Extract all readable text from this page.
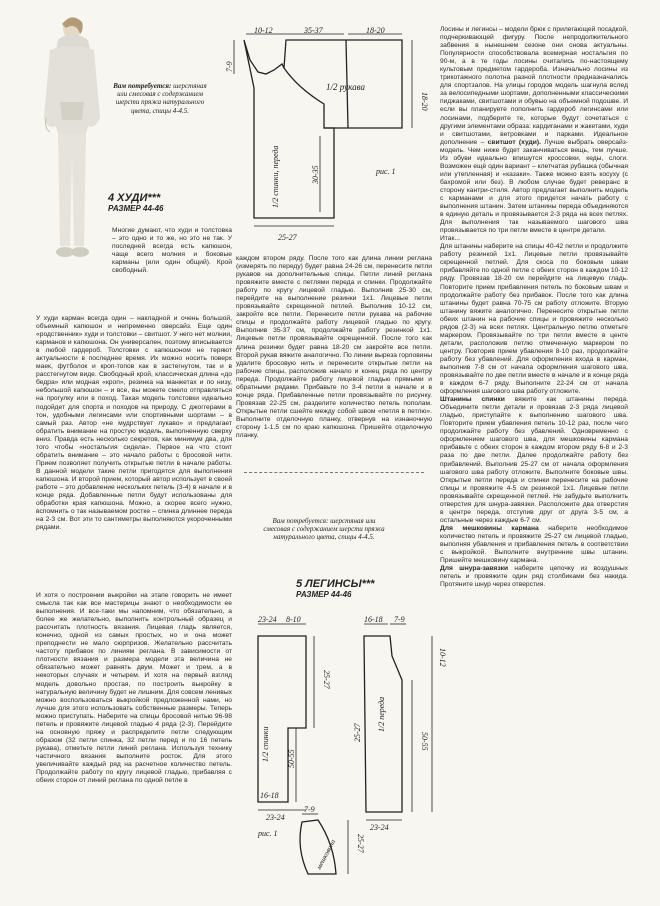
Вам потребуется: шерстяная или смесовая с содержанием шерсти пряжа натурального цвета, спицы 4-4.5.
4 ХУДИ***
РАЗМЕР 44-46

Многие думают, что худи и толстовка – это одно и то же, но это не так. У последней всегда есть капюшон, чаще всего молния и боковые карманы (или один общий). Крой свободный.

У худи карман всегда один – накладной и очень большой, объемный капюшон и непременно оверсайз. Еще один «родственник» худи и толстовки – свитшот. У него нет молнии, карманов и капюшона. Он универсален, поэтому вписывается в любой гардероб. Толстовки с капюшоном не теряют актуальности в последнее время. Их можно носить поверх маек, футболок и кроп-топов как в застегнутом, так и в расстегнутом виде. Свободный крой, классическая длина «до бедра» или модная «кроп», резинка на манжетах и по низу, небольшой капюшон – и все, вы можете смело отправляться на прогулку или в поход. Такая модель толстовки идеально подойдет для спорта и походов на природу. С джоггерами в тон, удобными легинсами или спортивными шортами – в самый раз. Автор «не мудрствует лукаво» и предлагает обратить внимание на простую модель, выполненную сверху вниз. Правда есть несколько секретов, как минимум два, для того чтобы «ностальгия сидела». Первое на что стоит обратить внимание – это начало работы с бросовой нити. Прием позволяет получить открытые петли в начале работы. В данной модели такие петли пригодятся для выполнения капюшона. И второй прием, который автор использует в своей работе – это добавление нескольких петель (3-4) в начале и в конце ряда. Добавленные петли будут использованы для обработки края капюшона. Можно, а скорее всего нужно, вспомнить о так называемом ростке – спинка длиннее переда на 2-3 см. Вот эти то сантиметры выполняются укороченными рядами.

И хотя о построении выкройки на этапе говорить не имеет смысла так как все мастерицы знают о необходимости ее выполнения. И все-таки мы напомним, что обязательно, а более же желательно, выполнить контрольный образец и рассчитать плотность вязания. Лицевая гладь является, конечно, одной из самых простых, но и она может преподнести не мало сюрпризов. Желательно рассчитать частоту прибавок по линиям реглана. В зависимости от плотности вязания и размера модели эта величина не обязательно может равнять двум. Может и трем, а в некоторых случаях и четырем. И хотя на первый взгляд модель довольно простая, по построить выкройку в натуральную величину будет не лишним. Для совсем ленивых можно воспользоваться выкройкой предложенной нами, но лучше для этого использовать собственные размеры. Теперь можно приступать. Наберите на спицы бросовой нитью 96-98 петель и провяжите лицевой гладью 4 ряда (2-3). Перейдите на основную пряжу и распределите петли следующим образом (32 петли спинка, 32 петли перед и по 16 петель рукава), отметьте петли линий реглана. Используя технику частичного вязания выполните росток. Для этого увеличивайте каждый ряд на расчетное количество петель. Продолжайте работу по кругу лицевой гладью, прибавляя с обеих сторон от линий реглана по одной петле в

каждом втором ряду. После того как длина линии реглана (измерять по переду) будет равна 24-26 см, перенесите петли рукавов на дополнительные спицы. Петли линий реглана провяжите вместе с петлями переда и спинки. Продолжайте работу по кругу лицевой гладью. Выполнив 25-30 см, перейдите на выполнение резинки 1х1. Лицевые петли провязывайте скрещенной петлей. Выполнив 10-12 см, закройте все петли. Перенесите петли рукава на рабочие спицы и продолжайте работу лицевой гладью по кругу. Выполнив 35-37 см, продолжайте работу резинкой 1х1. Лицевые петли провязывайте скрещенной. После того как длина резинки будет равна 18-20 см закройте все петли. Второй рукав вяжите аналогично. По линии выреза горловины удалите бросовую нить и перенесите открытые петли на рабочие спицы, расположив начало и конец ряда по центру переда. Продолжайте работу лицевой гладью прямыми и обратными рядами. Прибавьте по 3-4 петли в начале и в конце ряда. Прибавленные петли провязывайте по рисунку. Провязав 22-25 см, разделите количество петель пополам. Открытые петли сшейте между собой швом «петля в петлю». Выполните отделочную планку, отвернув на изнаночную сторону 1-1.5 см по краю капюшона. Пришейте отделочную планку.

10-12	35-37	18-20
7-9
1/2 рукава
18-20
30-35
1/2 спинки, переда
25-27
рис. 1
Вам потребуется: шерстяная или смесовая с содержанием шерсти пряжа натурального цвета, спицы 4-4.5.
5 ЛЕГИНСЫ***
РАЗМЕР 44-46
23-24 8-10
25-27
1/2 спинки 50-55
16-18
23-24
16-18 7-9
1/2 переда
50-55
10-12
25-27
23-24
7-9
мешковина 25-27
рис. 1

Лосины и легинсы – модели брюк с прилегающей посадкой, подчеркивающей фигуру. После непродолжительного забвения в нынешнем сезоне они снова актуальны. Популярности способствовала всемирная ностальгия по 90-м, а в те годы лосины считались по-настоящему культовым предметом гардероба. Изначально лосины из трикотажного полотна разной плотности предназначались для спортзалов. На улицы городов модель шагнула вслед за велосипедными шортами, дополненными классическими пиджаками, свитшотами и обувью на объемной подошве. И если вы планируете пополнить гардероб легинсами или лосинами, подберите те, которые будут сочетаться с другими элементами образа: кардиганами и жакетами, худи и свитшотами, ветровками и парками. Идеальное дополнение – свитшот (худи). Лучше выбрать оверсайз-модель. Чем ниже будет заканчиваться вещь, тем лучше. Из обуви идеально впишутся кроссовки, кеды, слоги. Возможен ещё один вариант – клетчатая рубашка (обычная или утепленная) и «казаки». Также можно взять косуху (с бахромой или без). В любом случае будет реверанс в сторону кантри-стиля. Автор предлагает выполнить модель с карманами и для этого придется начать работу с выполнения штанин. Затем штанины переда объединяются в единую деталь и провязывается 2-3 ряда на всех петлях. Для выполнения так называемого шагового шва провязывается по три петли вместе в центре детали.

Итак...

Для штанины наберите на спицы 40-42 петли и продолжите работу резинкой 1х1. Лицевые петли провязывайте скрещенной петлей. Для скоса по боковым швам прибавляйте по одной петле с обеих сторон в каждом 10-12 ряду. Провязав 18-20 см перейдите на лицевую гладь. Повторите прием прибавления петель по боковым швам и продолжайте работу без прибавок. После того как длина штанины будет равна 70-75 см работу отложите. Вторую штанину вяжите аналогично. Перенесите открытые петли обеих штанин на рабочие спицы и провяжите несколько рядов (2-3) на всех петлях. Центральную петлю отметьте маркером. Провязывайте по три петли вместе в центе детали, расположив петлю отмеченную маркером по центру. Повторив прием убавления 8-10 раз, продолжайте работу без убавлений. Для оформления входа в карман, выполнив 7-8 см от начала оформления шагового шва, провязывайте по две петли вместе в начале и в конце ряда в каждом 6-7 ряду. Выполните 22-24 см от начала оформления шагового шва работу отложите.

Штанины спинки вяжите как штанины переда. Объедините петли детали и провязав 2-3 ряда лицевой гладью, приступайте к выполнению шагового шва. Повторите прием убавления петель 10-12 раз, после чего продолжайте работу без убавлений. Одновременно с оформлением шагового шва, для мешковины кармана прибавьте с обеих сторон в каждом втором ряду 6-8 и 2-3 раза по две петли. Далее продолжайте работу без прибавлений. Выполнив 25-27 см от начала оформления шагового шва работу отложите. Выполните боковые швы. Открытые петли переда и спинки перенесите на рабочие спицы и провяжите 4-5 см резинкой 1х1. Лицевые петли провязывайте скрещенной петлей. Не забудьте выполнить отверстия для шнура-завязки. Расположите два отверстия в центре переда, отступив друг от друга 3-5 см, а остальные через каждые 6-7 см.

Для мешковины кармана наберите необходимое количество петель и провяжите 25-27 см лицевой гладью, выполняя убавления и прибавления петель в соответствии с выкройкой. Выполните внутренние швы штанин. Пришейте мешковину кармана.

Для шнура-завязки наберите цепочку из воздушных петель и провяжите один ряд столбиками без накида. Протяните шнур через отверстия.
